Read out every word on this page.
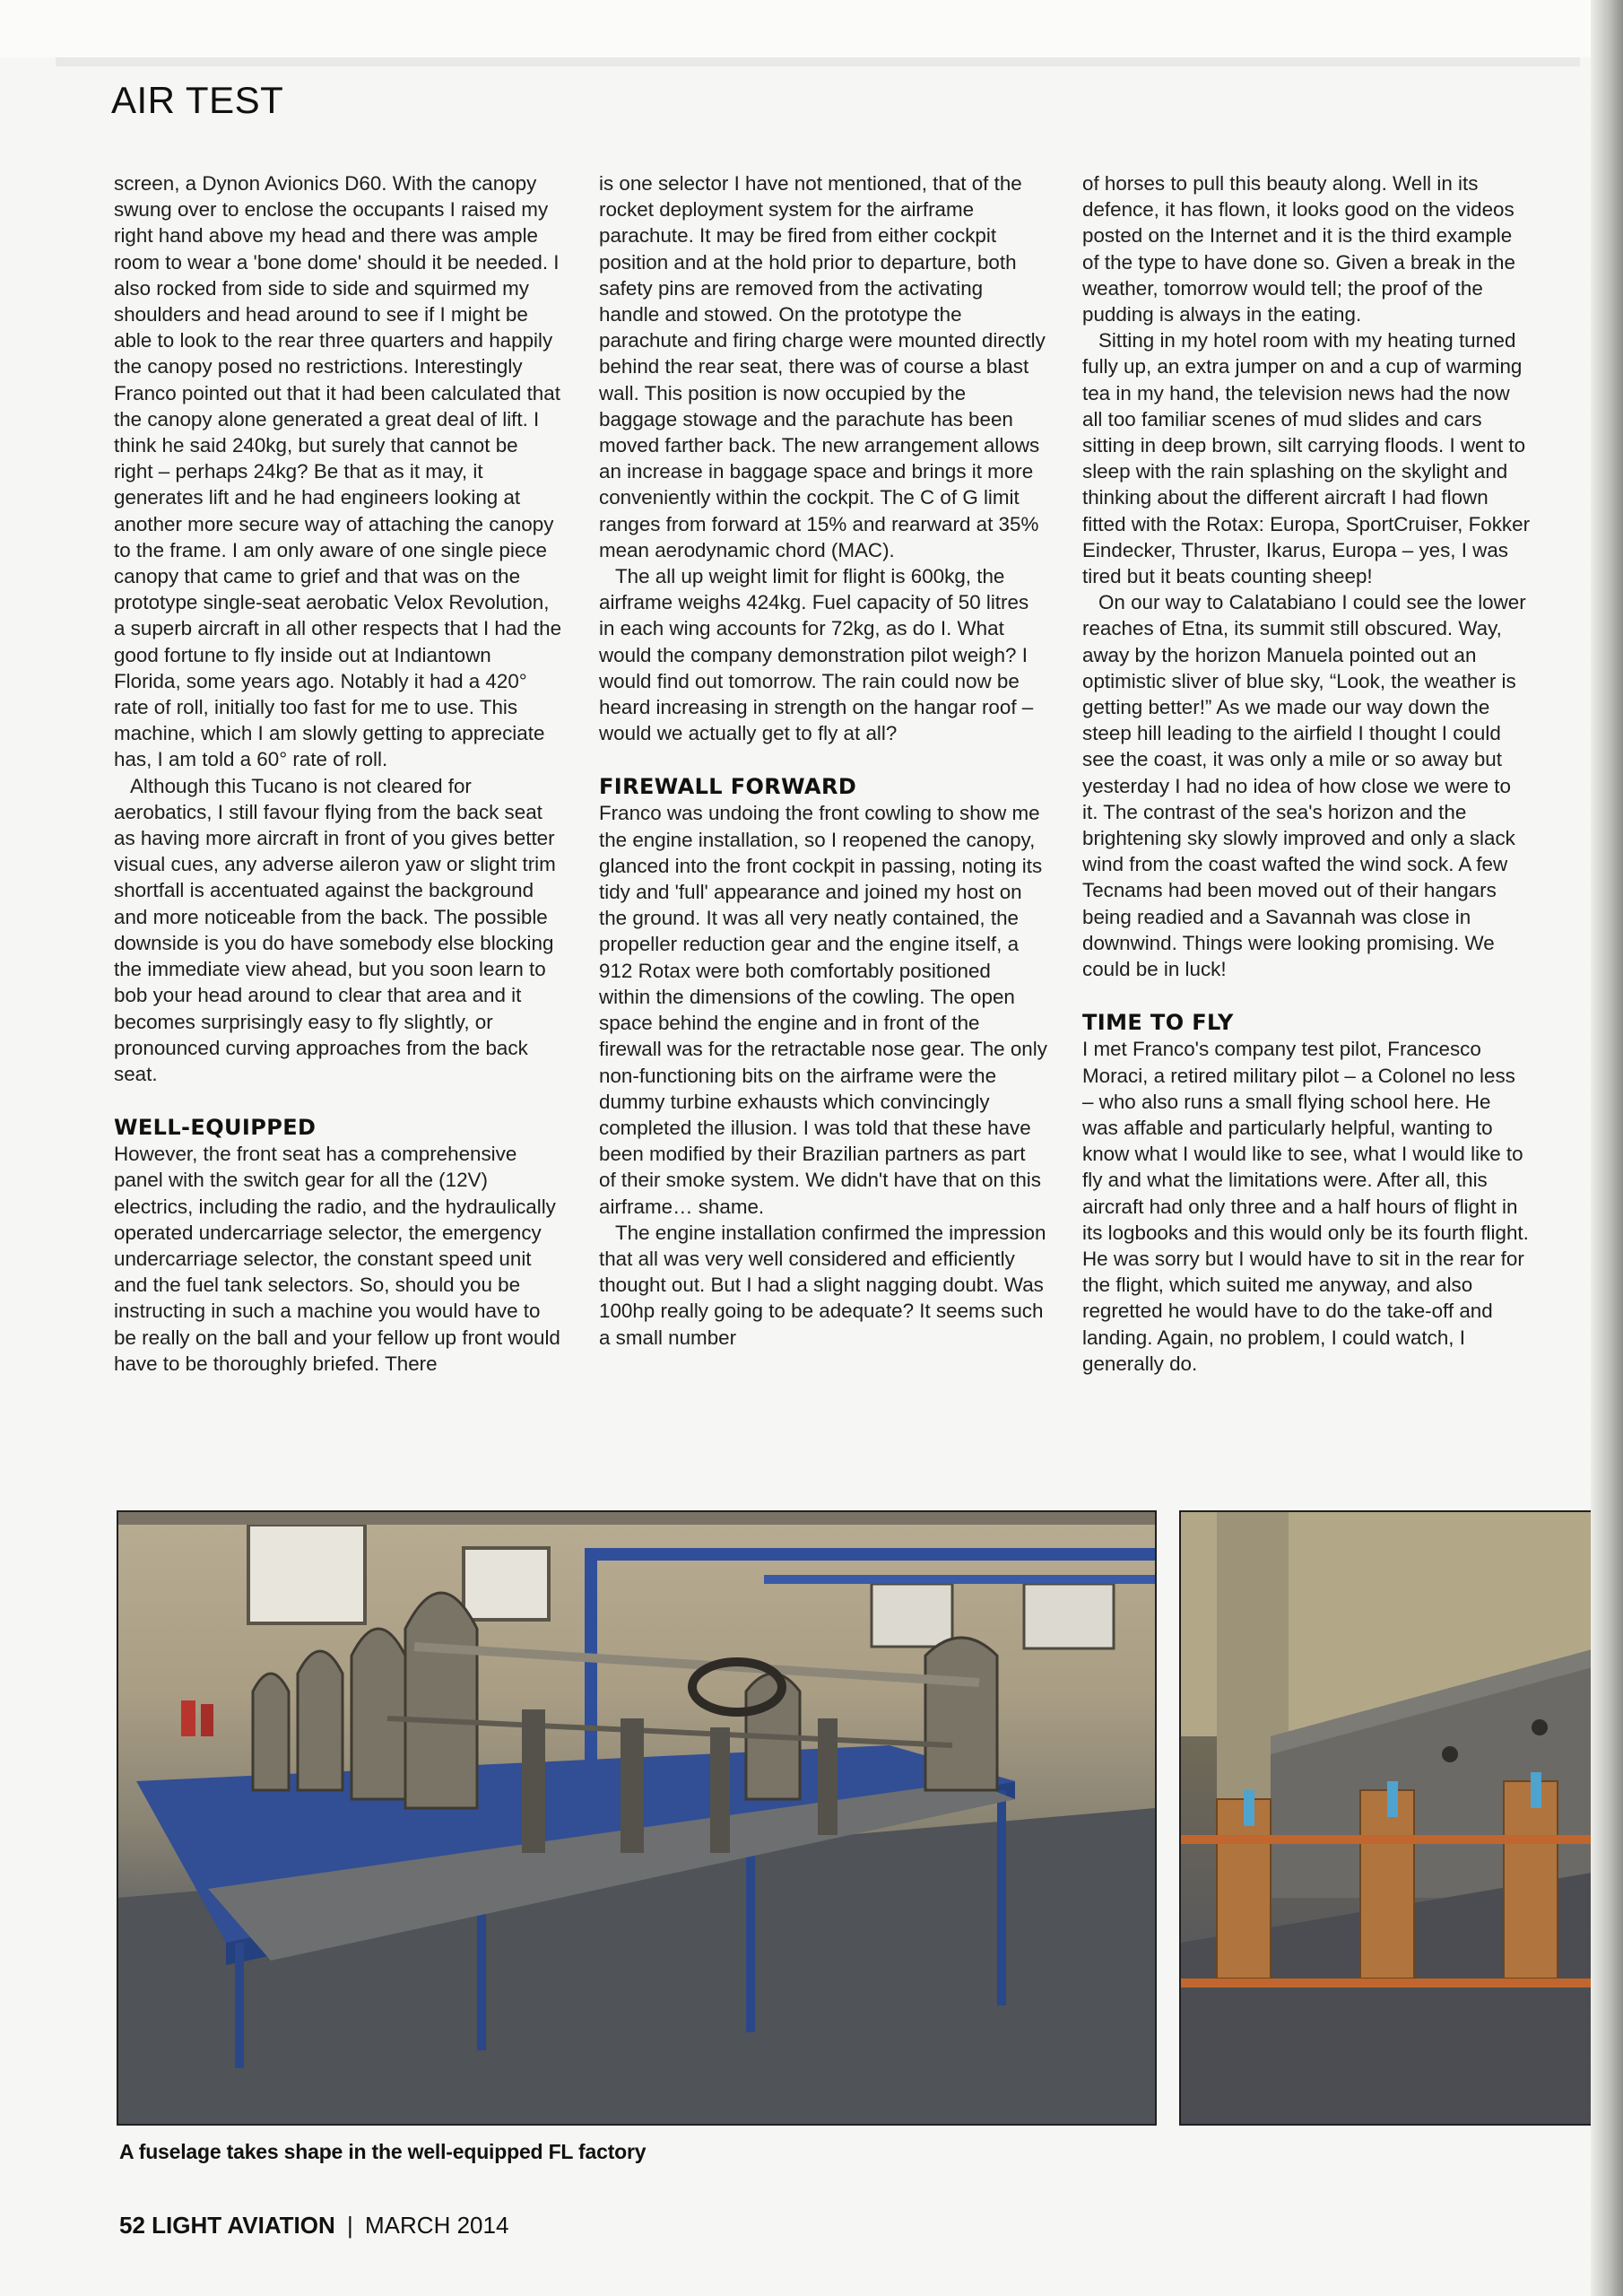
AIR TEST

screen, a Dynon Avionics D60. With the canopy swung over to enclose the occupants I raised my right hand above my head and there was ample room to wear a 'bone dome' should it be needed. I also rocked from side to side and squirmed my shoulders and head around to see if I might be able to look to the rear three quarters and happily the canopy posed no restrictions. Interestingly Franco pointed out that it had been calculated that the canopy alone generated a great deal of lift. I think he said 240kg, but surely that cannot be right – perhaps 24kg? Be that as it may, it generates lift and he had engineers looking at another more secure way of attaching the canopy to the frame. I am only aware of one single piece canopy that came to grief and that was on the prototype single-seat aerobatic Velox Revolution, a superb aircraft in all other respects that I had the good fortune to fly inside out at Indiantown Florida, some years ago. Notably it had a 420° rate of roll, initially too fast for me to use. This machine, which I am slowly getting to appreciate has, I am told a 60° rate of roll.

Although this Tucano is not cleared for aerobatics, I still favour flying from the back seat as having more aircraft in front of you gives better visual cues, any adverse aileron yaw or slight trim shortfall is accentuated against the background and more noticeable from the back. The possible downside is you do have somebody else blocking the immediate view ahead, but you soon learn to bob your head around to clear that area and it becomes surprisingly easy to fly slightly, or pronounced curving approaches from the back seat.

WELL-EQUIPPED

However, the front seat has a comprehensive panel with the switch gear for all the (12V) electrics, including the radio, and the hydraulically operated undercarriage selector, the emergency undercarriage selector, the constant speed unit and the fuel tank selectors. So, should you be instructing in such a machine you would have to be really on the ball and your fellow up front would have to be thoroughly briefed. There

is one selector I have not mentioned, that of the rocket deployment system for the airframe parachute. It may be fired from either cockpit position and at the hold prior to departure, both safety pins are removed from the activating handle and stowed. On the prototype the parachute and firing charge were mounted directly behind the rear seat, there was of course a blast wall. This position is now occupied by the baggage stowage and the parachute has been moved farther back. The new arrangement allows an increase in baggage space and brings it more conveniently within the cockpit. The C of G limit ranges from forward at 15% and rearward at 35% mean aerodynamic chord (MAC).

The all up weight limit for flight is 600kg, the airframe weighs 424kg. Fuel capacity of 50 litres in each wing accounts for 72kg, as do I. What would the company demonstration pilot weigh? I would find out tomorrow. The rain could now be heard increasing in strength on the hangar roof – would we actually get to fly at all?

FIREWALL FORWARD

Franco was undoing the front cowling to show me the engine installation, so I reopened the canopy, glanced into the front cockpit in passing, noting its tidy and 'full' appearance and joined my host on the ground. It was all very neatly contained, the propeller reduction gear and the engine itself, a 912 Rotax were both comfortably positioned within the dimensions of the cowling. The open space behind the engine and in front of the firewall was for the retractable nose gear. The only non-functioning bits on the airframe were the dummy turbine exhausts which convincingly completed the illusion. I was told that these have been modified by their Brazilian partners as part of their smoke system. We didn't have that on this airframe… shame.

The engine installation confirmed the impression that all was very well considered and efficiently thought out. But I had a slight nagging doubt. Was 100hp really going to be adequate? It seems such a small number

of horses to pull this beauty along. Well in its defence, it has flown, it looks good on the videos posted on the Internet and it is the third example of the type to have done so. Given a break in the weather, tomorrow would tell; the proof of the pudding is always in the eating.

Sitting in my hotel room with my heating turned fully up, an extra jumper on and a cup of warming tea in my hand, the television news had the now all too familiar scenes of mud slides and cars sitting in deep brown, silt carrying floods. I went to sleep with the rain splashing on the skylight and thinking about the different aircraft I had flown fitted with the Rotax: Europa, SportCruiser, Fokker Eindecker, Thruster, Ikarus, Europa – yes, I was tired but it beats counting sheep!

On our way to Calatabiano I could see the lower reaches of Etna, its summit still obscured. Way, away by the horizon Manuela pointed out an optimistic sliver of blue sky, “Look, the weather is getting better!” As we made our way down the steep hill leading to the airfield I thought I could see the coast, it was only a mile or so away but yesterday I had no idea of how close we were to it. The contrast of the sea's horizon and the brightening sky slowly improved and only a slack wind from the coast wafted the wind sock. A few Tecnams had been moved out of their hangars being readied and a Savannah was close in downwind. Things were looking promising. We could be in luck!

TIME TO FLY

I met Franco's company test pilot, Francesco Moraci, a retired military pilot – a Colonel no less – who also runs a small flying school here. He was affable and particularly helpful, wanting to know what I would like to see, what I would like to fly and what the limitations were. After all, this aircraft had only three and a half hours of flight in its logbooks and this would only be its fourth flight. He was sorry but I would have to sit in the rear for the flight, which suited me anyway, and also regretted he would have to do the take-off and landing. Again, no problem, I could watch, I generally do.

A fuselage takes shape in the well-equipped FL factory
52 LIGHT AVIATION | MARCH 2014
